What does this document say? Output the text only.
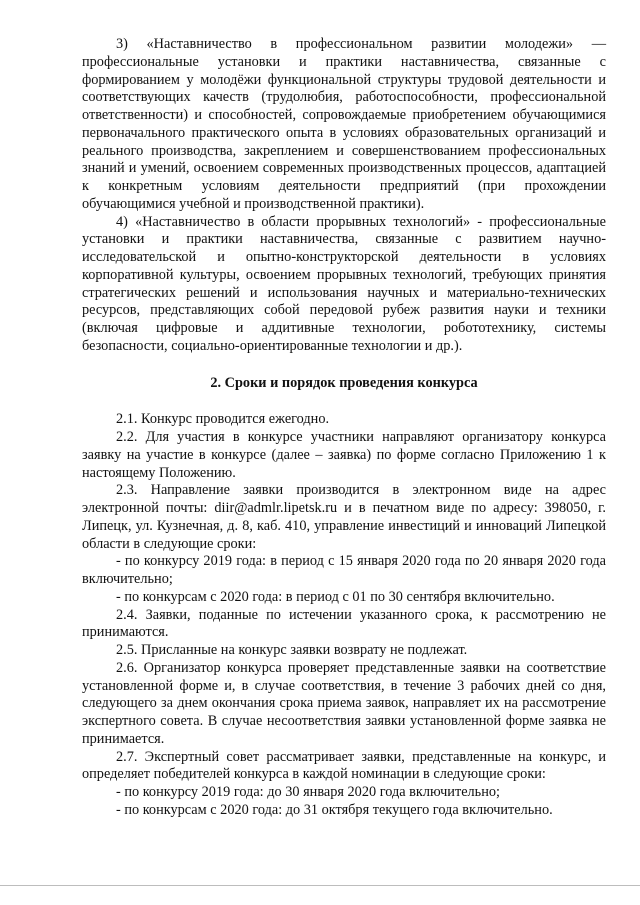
3) «Наставничество в профессиональном развитии молодежи» — профессиональные установки и практики наставничества, связанные с формированием у молодёжи функциональной структуры трудовой деятельности и соответствующих качеств (трудолюбия, работоспособности, профессиональной ответственности) и способностей, сопровождаемые приобретением обучающимися первоначального практического опыта в условиях образовательных организаций и реального производства, закреплением и совершенствованием профессиональных знаний и умений, освоением современных производственных процессов, адаптацией к конкретным условиям деятельности предприятий (при прохождении обучающимися учебной и производственной практики).

4) «Наставничество в области прорывных технологий» - профессиональные установки и практики наставничества, связанные с развитием научно-исследовательской и опытно-конструкторской деятельности в условиях корпоративной культуры, освоением прорывных технологий, требующих принятия стратегических решений и использования научных и материально-технических ресурсов, представляющих собой передовой рубеж развития науки и техники (включая цифровые и аддитивные технологии, робототехнику, системы безопасности, социально-ориентированные технологии и др.).

2. Сроки и порядок проведения конкурса

2.1. Конкурс проводится ежегодно.

2.2. Для участия в конкурсе участники направляют организатору конкурса заявку на участие в конкурсе (далее – заявка) по форме согласно Приложению 1 к настоящему Положению.

2.3. Направление заявки производится в электронном виде на адрес электронной почты: diir@admlr.lipetsk.ru и в печатном виде по адресу: 398050, г. Липецк, ул. Кузнечная, д. 8, каб. 410, управление инвестиций и инноваций Липецкой области в следующие сроки:

- по конкурсу 2019 года: в период с 15 января 2020 года по 20 января 2020 года включительно;

- по конкурсам с 2020 года: в период с 01 по 30 сентября включительно.

2.4. Заявки, поданные по истечении указанного срока, к рассмотрению не принимаются.

2.5. Присланные на конкурс заявки возврату не подлежат.

2.6. Организатор конкурса проверяет представленные заявки на соответствие установленной форме и, в случае соответствия, в течение 3 рабочих дней со дня, следующего за днем окончания срока приема заявок, направляет их на рассмотрение экспертного совета. В случае несоответствия заявки установленной форме заявка не принимается.

2.7. Экспертный совет рассматривает заявки, представленные на конкурс, и определяет победителей конкурса в каждой номинации в следующие сроки:

- по конкурсу 2019 года: до 30 января 2020 года включительно;

- по конкурсам с 2020 года: до 31 октября текущего года включительно.
